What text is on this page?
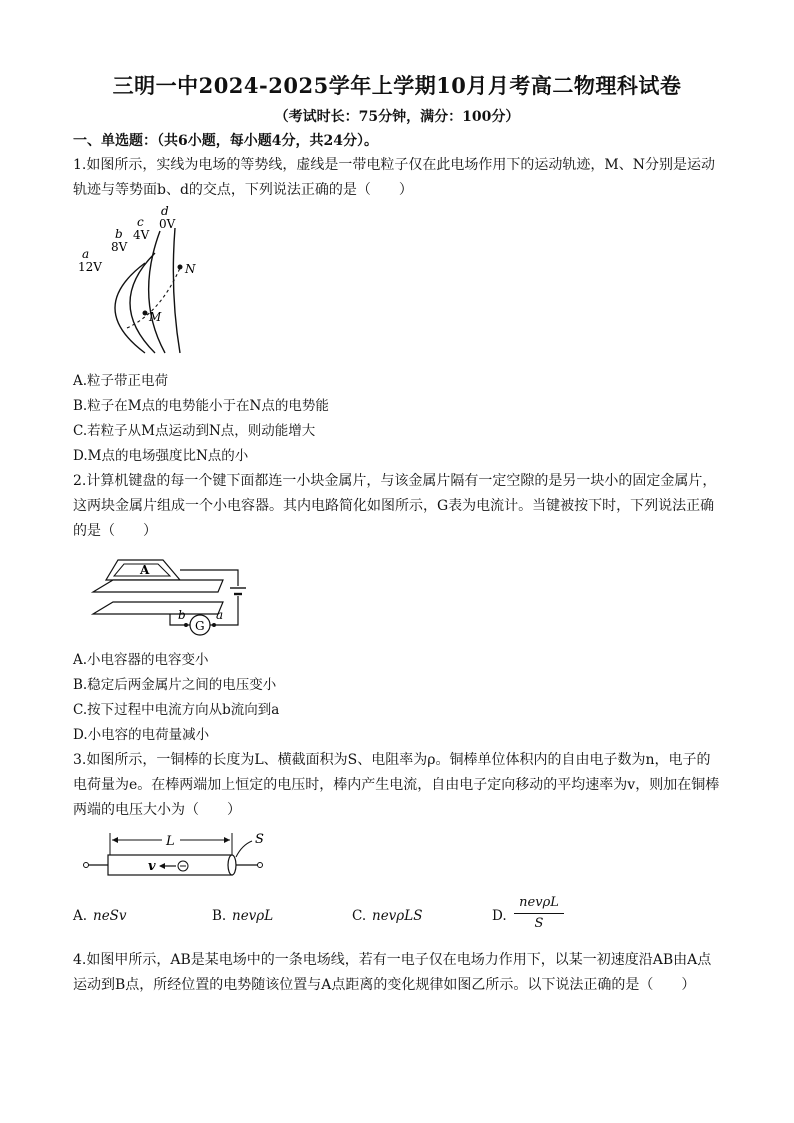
三明一中2024-2025学年上学期10月月考高二物理科试卷
（考试时长：75分钟，满分：100分）
一、单选题：（共6小题，每小题4分，共24分）。
1.如图所示，实线为电场的等势线，虚线是一带电粒子仅在此电场作用下的运动轨迹，M、N分别是运动
轨迹与等势面b、d的交点，下列说法正确的是（　　）
a
12V
b
8V
c
4V
d
0V
M
N
A.粒子带正电荷
B.粒子在M点的电势能小于在N点的电势能
C.若粒子从M点运动到N点，则动能增大
D.M点的电场强度比N点的小
2.计算机键盘的每一个键下面都连一小块金属片，与该金属片隔有一定空隙的是另一块小的固定金属片，
这两块金属片组成一个小电容器。其内电路简化如图所示，G表为电流计。当键被按下时，下列说法正确
的是（　　）
A
G
b	a
A.小电容器的电容变小
B.稳定后两金属片之间的电压变小
C.按下过程中电流方向从b流向到a
D.小电容的电荷量减小
3.如图所示，一铜棒的长度为L、横截面积为S、电阻率为ρ。铜棒单位体积内的自由电子数为n，电子的
电荷量为e。在棒两端加上恒定的电压时，棒内产生电流，自由电子定向移动的平均速率为v，则加在铜棒
两端的电压大小为（　　）
L	S
v
A. neSv	B. nevρL	C. nevρLS	D.
nevρL
S
4.如图甲所示，AB是某电场中的一条电场线，若有一电子仅在电场力作用下，以某一初速度沿AB由A点
运动到B点，所经位置的电势随该位置与A点距离的变化规律如图乙所示。以下说法正确的是（　　）
